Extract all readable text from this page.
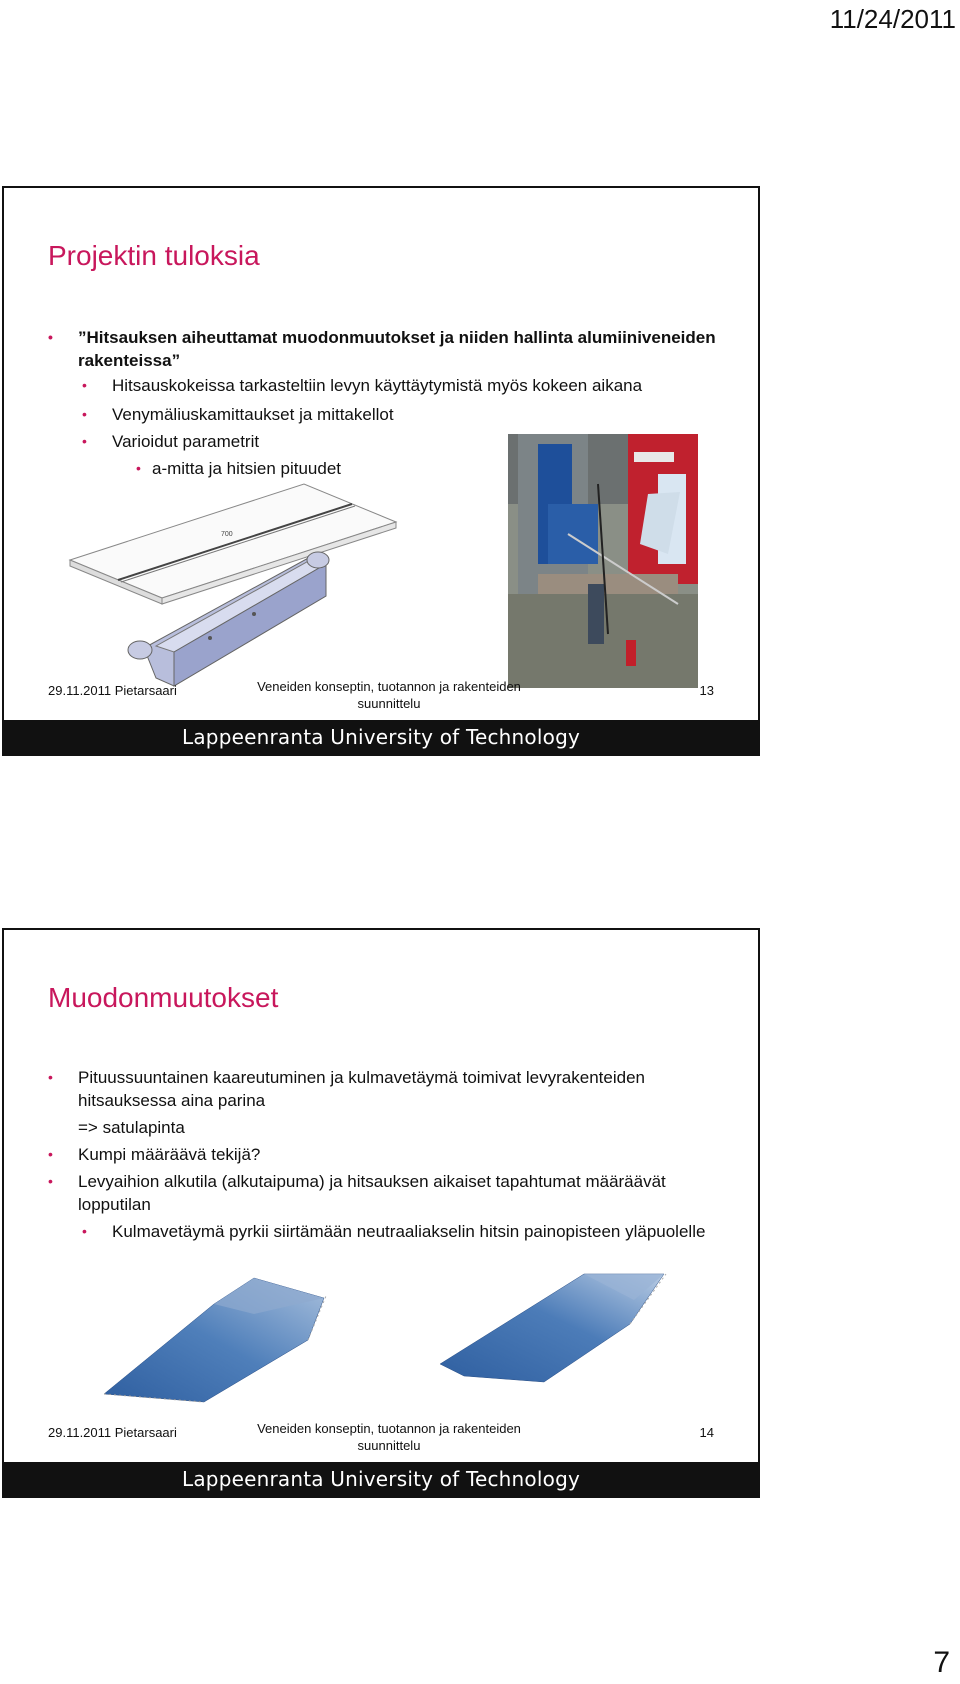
11/24/2011
Projektin tuloksia
• ”Hitsauksen aiheuttamat muodonmuutokset ja niiden hallinta alumiiniveneiden rakenteissa”
• Hitsauskokeissa tarkasteltiin levyn käyttäytymistä myös kokeen aikana
• Venymäliuskamittaukset ja mittakellot
• Varioidut parametrit
• a-mitta ja hitsien pituudet
700
29.11.2011 Pietarsaari	Veneiden konseptin, tuotannon ja rakenteiden suunnittelu
13
Lappeenranta University of Technology
Muodonmuutokset
• Pituussuuntainen kaareutuminen ja kulmavetäymä toimivat levyrakenteiden hitsauksessa aina parina
=> satulapinta
• Kumpi määräävä tekijä?
• Levyaihion alkutila (alkutaipuma) ja hitsauksen aikaiset tapahtumat määräävät lopputilan
• Kulmavetäymä pyrkii siirtämään neutraaliakselin hitsin painopisteen yläpuolelle
29.11.2011 Pietarsaari	Veneiden konseptin, tuotannon ja rakenteiden suunnittelu
14
Lappeenranta University of Technology
7
